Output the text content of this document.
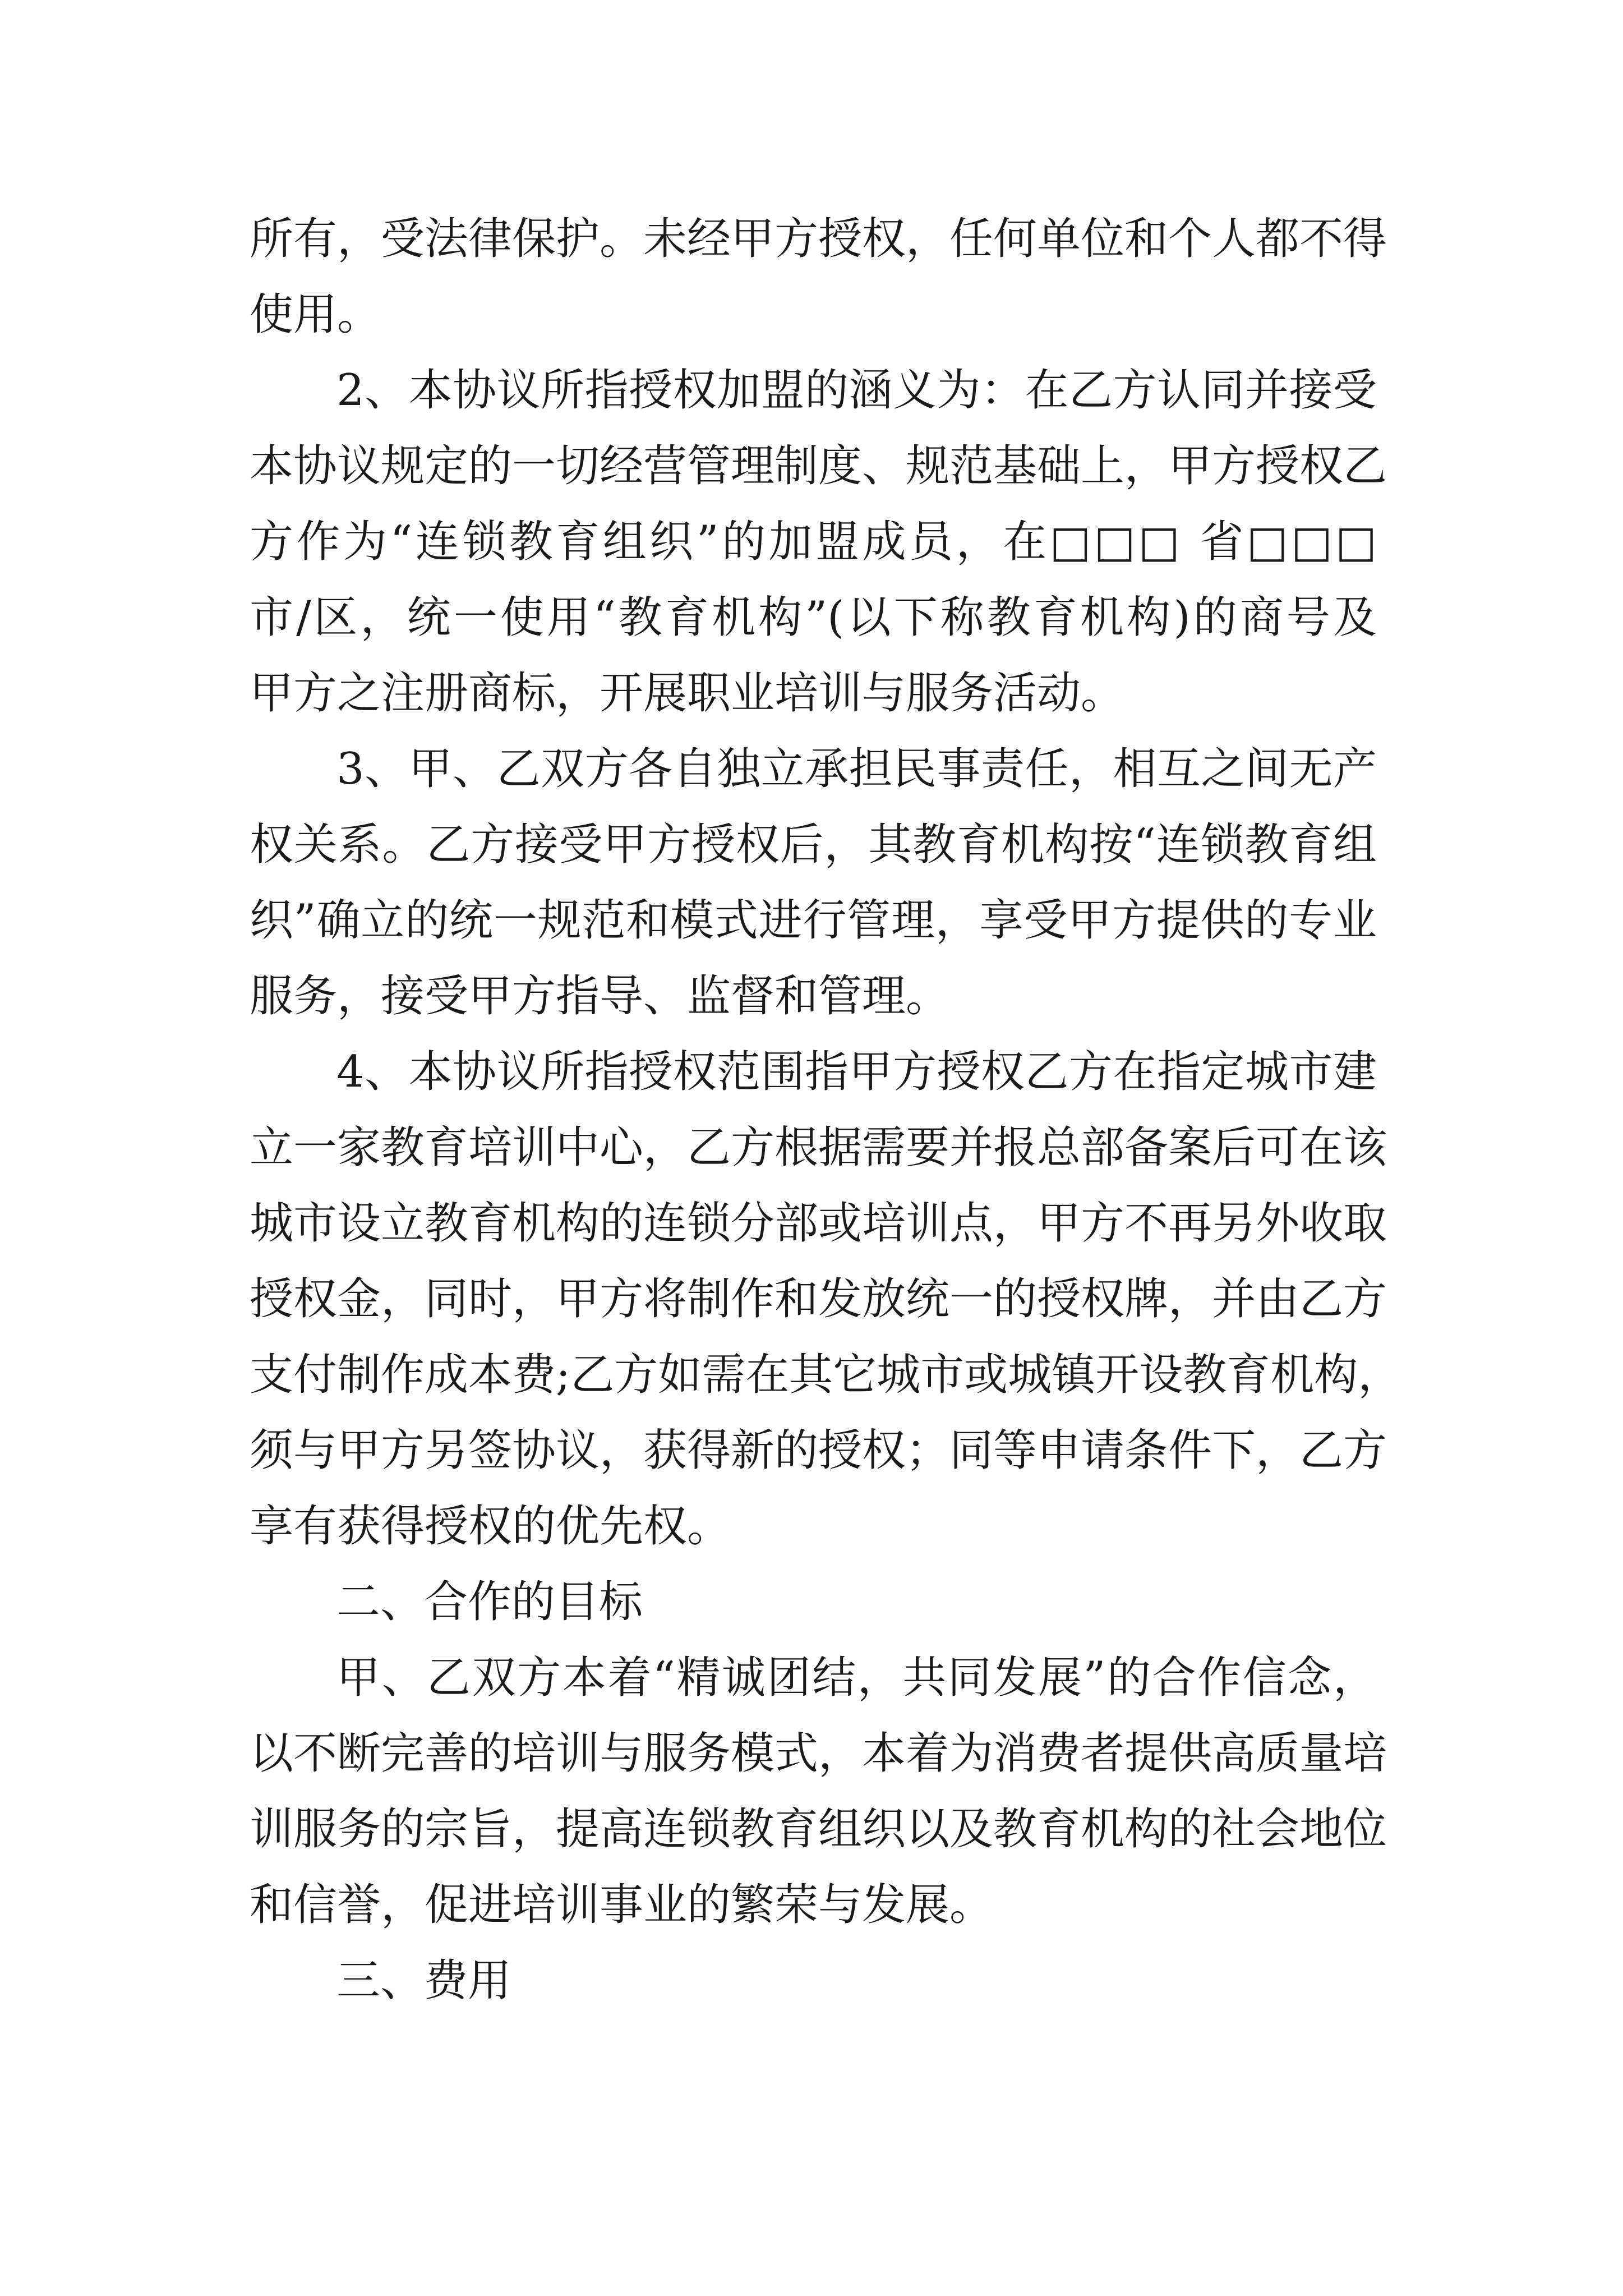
所有，受法律保护。未经甲方授权，任何单位和个人都不得

使用。

2、本协议所指授权加盟的涵义为：在乙方认同并接受

本协议规定的一切经营管理制度、规范基础上，甲方授权乙

方作为“连锁教育组织”的加盟成员，在□□□ 省□□□

市/区，统一使用“教育机构”(以下称教育机构)的商号及

甲方之注册商标，开展职业培训与服务活动。

3、甲、乙双方各自独立承担民事责任，相互之间无产

权关系。乙方接受甲方授权后，其教育机构按“连锁教育组

织”确立的统一规范和模式进行管理，享受甲方提供的专业

服务，接受甲方指导、监督和管理。

4、本协议所指授权范围指甲方授权乙方在指定城市建

立一家教育培训中心，乙方根据需要并报总部备案后可在该

城市设立教育机构的连锁分部或培训点，甲方不再另外收取

授权金，同时，甲方将制作和发放统一的授权牌，并由乙方

支付制作成本费;乙方如需在其它城市或城镇开设教育机构，

须与甲方另签协议，获得新的授权；同等申请条件下，乙方

享有获得授权的优先权。

二、合作的目标

甲、乙双方本着“精诚团结，共同发展”的合作信念，

以不断完善的培训与服务模式，本着为消费者提供高质量培

训服务的宗旨，提高连锁教育组织以及教育机构的社会地位

和信誉，促进培训事业的繁荣与发展。

三、费用
